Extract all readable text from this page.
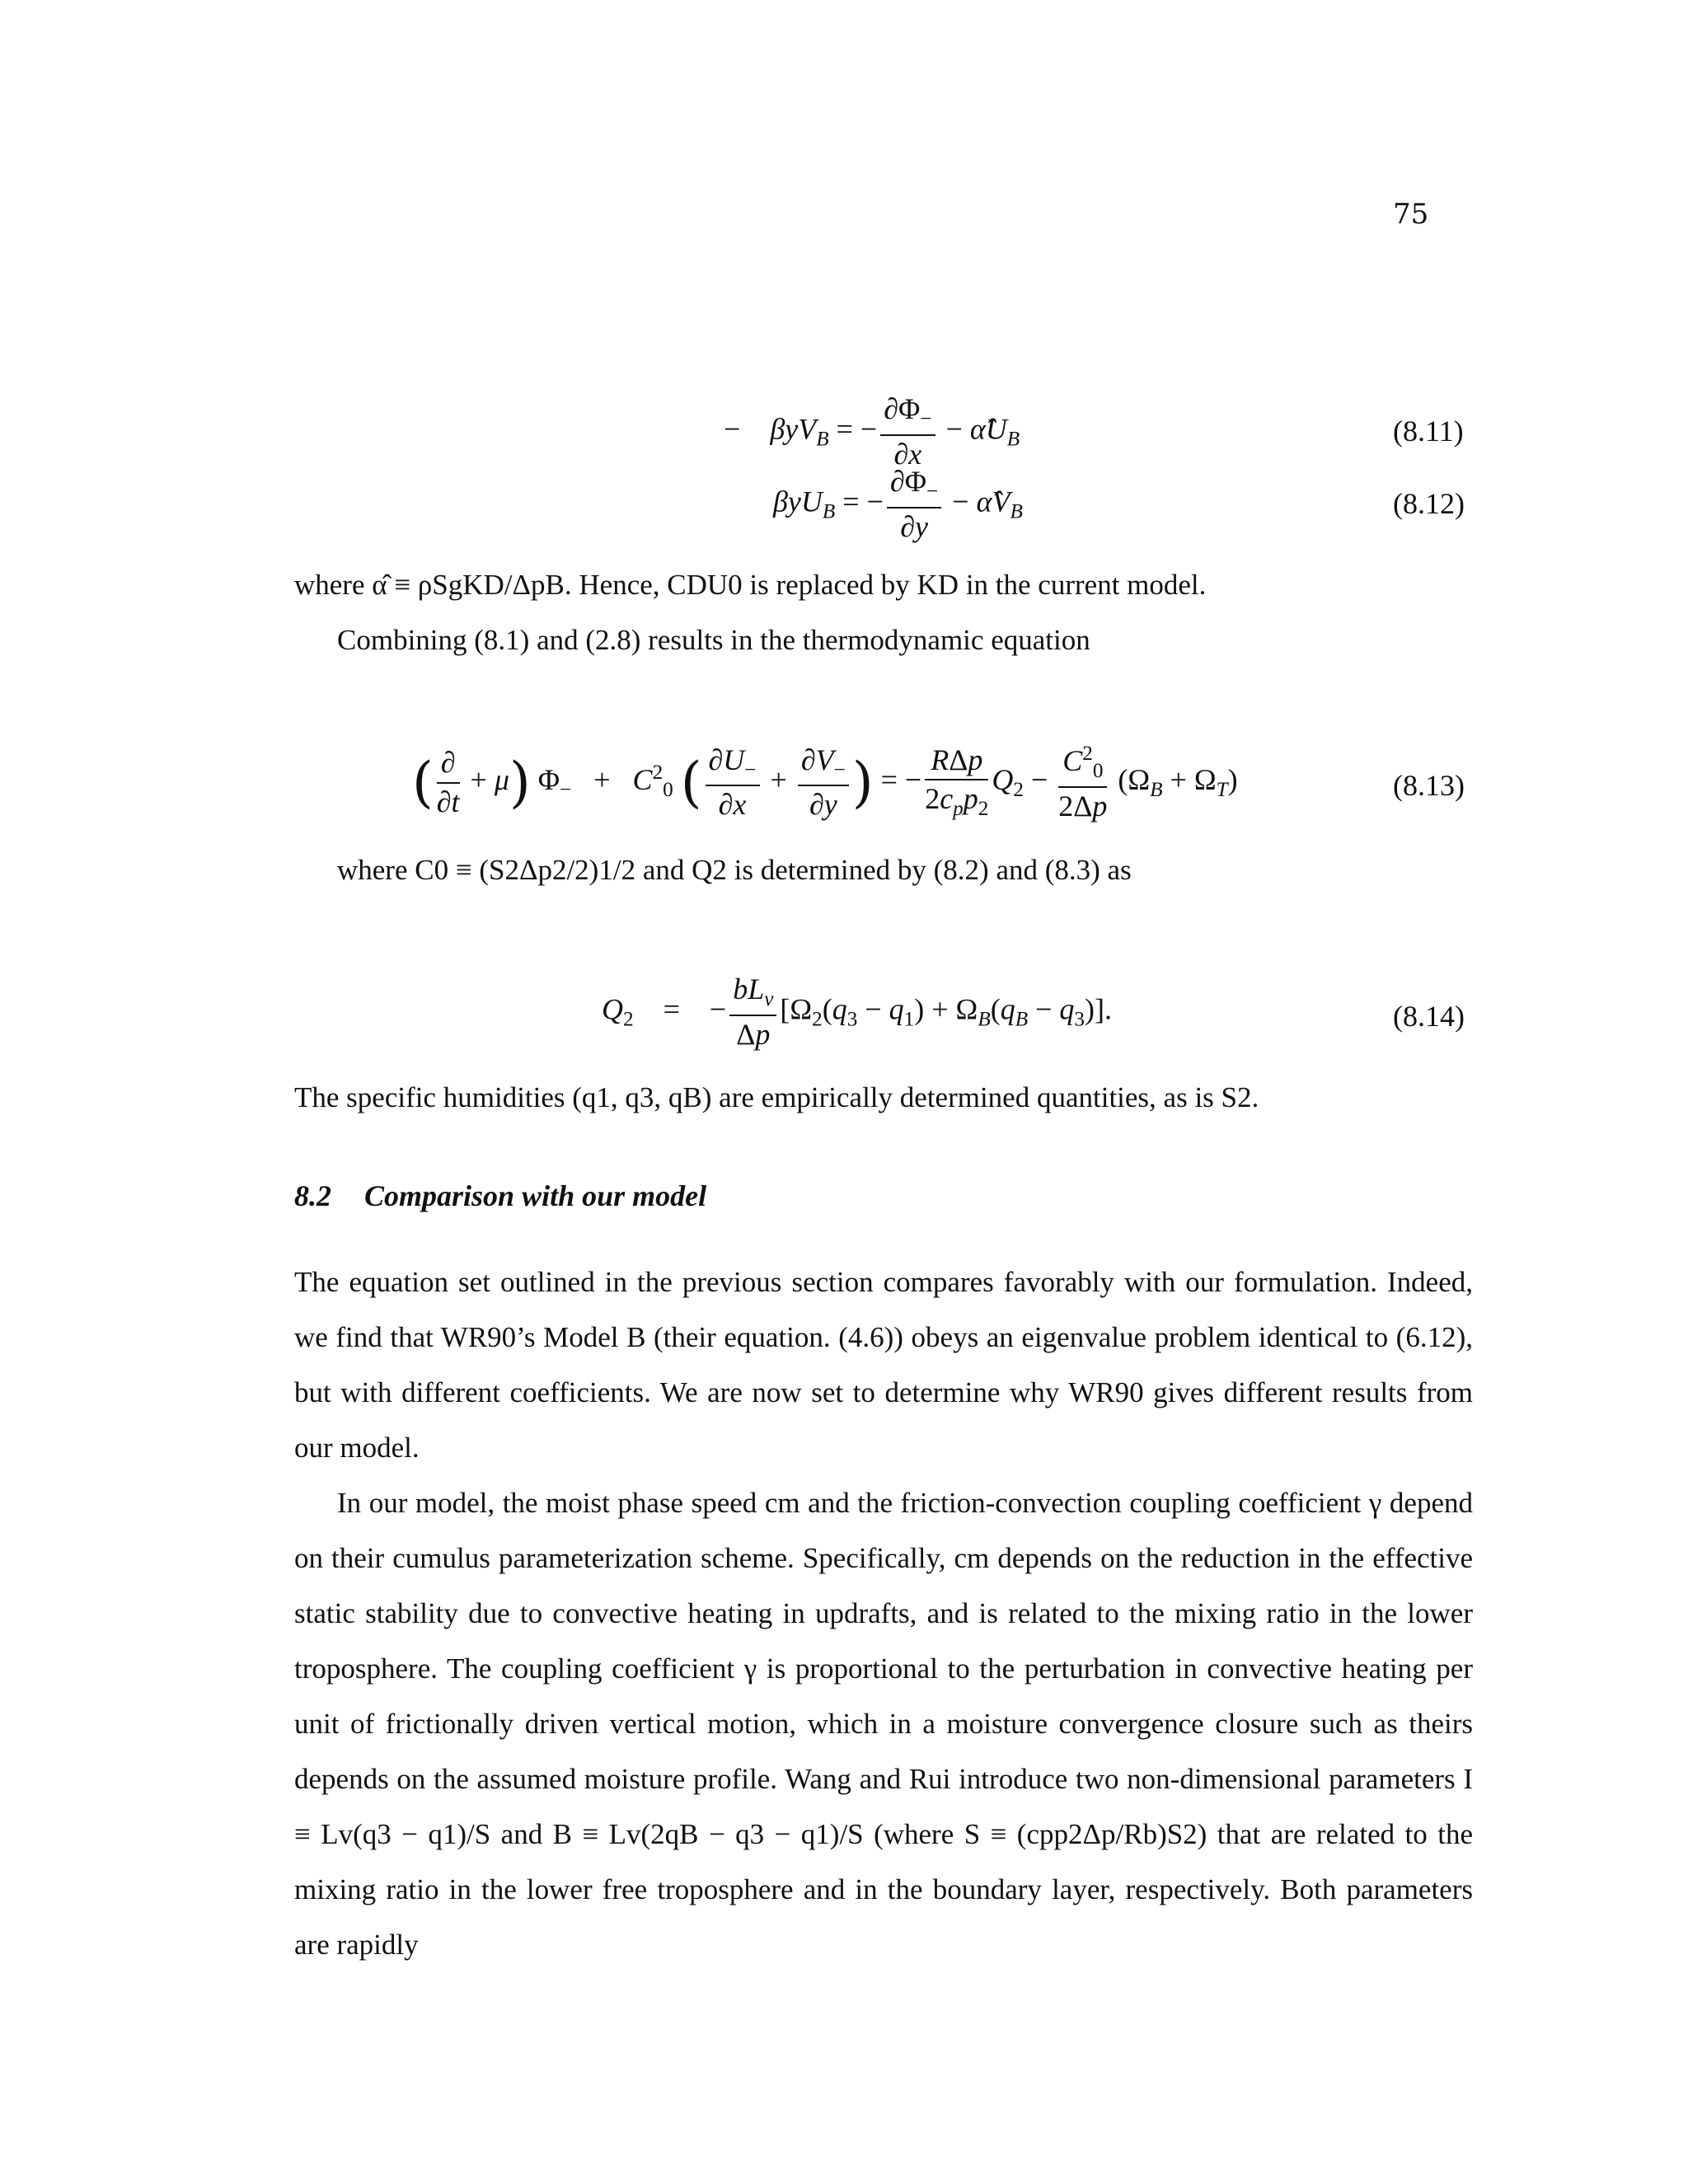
75
−    βyV$_B$ = − $\frac{\partial\Phi_-}{\partial x}$ − $\alphâU_B$	(8.11)
βyU$_B$ = − $\frac{\partial\Phi_-}{\partial y}$ − $\alphâV_B$	(8.12)
where α̂ ≡ ρSgKD/ΔpB. Hence, CDU0 is replaced by KD in the current model.
Combining (8.1) and (2.8) results in the thermodynamic equation
( $\frac{\partial}{\partial t} + \mu$) $\Phi_- + C^2_0$ ( $\frac{\partial U_-}{\partial x} + \frac{\partial V_-}{\partial y}$ ) = − $\frac{\text{RΔp}}{2c_pp_2} Q_2 - \frac{C^2_0}{2\Delta p} (\Omega_B + \Omega_T)$	(8.13)
where C0 ≡ (S2Δp2/2)1/2 and Q2 is determined by (8.2) and (8.3) as
$Q_2$    =    − $\frac{bL_v}{\Delta p} [\Omega_2(q_3 - q_1) + \Omega_B(q_B - q_3)]$.	(8.14)
The specific humidities (q1, q3, qB) are empirically determined quantities, as is S2.
8.2 Comparison with our model

The equation set outlined in the previous section compares favorably with our formulation. Indeed, we find that WR90’s Model B (their equation. (4.6)) obeys an eigenvalue problem identical to (6.12), but with different coefficients. We are now set to determine why WR90 gives different results from our model.

In our model, the moist phase speed cm and the friction-convection coupling coefficient γ depend on their cumulus parameterization scheme. Specifically, cm depends on the reduction in the effective static stability due to convective heating in updrafts, and is related to the mixing ratio in the lower troposphere. The coupling coefficient γ is proportional to the perturbation in convective heating per unit of frictionally driven vertical motion, which in a moisture convergence closure such as theirs depends on the assumed moisture profile. Wang and Rui introduce two non-dimensional parameters I ≡ Lv(q3 − q1)/S and B ≡ Lv(2qB − q3 − q1)/S (where S ≡ (cpp2Δp/Rb)S2) that are related to the mixing ratio in the lower free troposphere and in the boundary layer, respectively. Both parameters are rapidly
